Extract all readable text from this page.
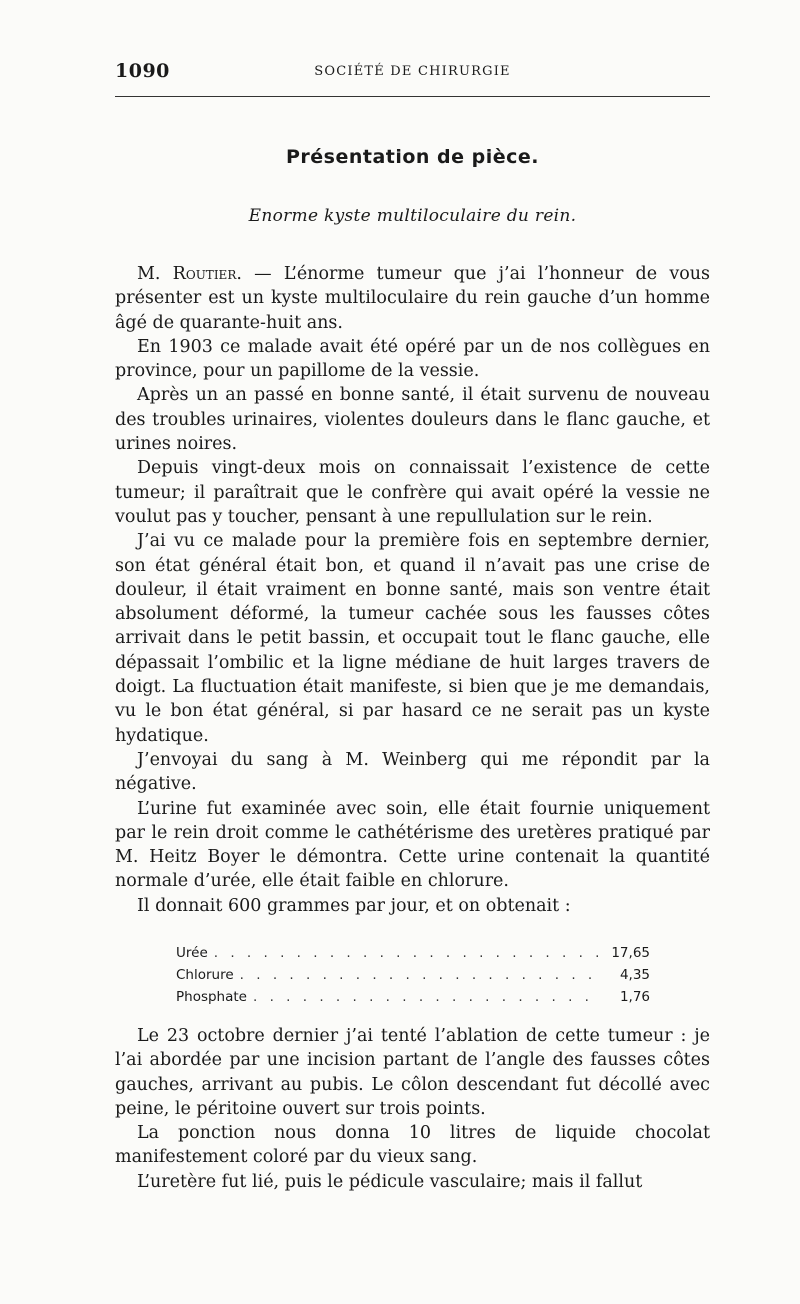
1090	SOCIÉTÉ DE CHIRURGIE
Présentation de pièce.
Enorme kyste multiloculaire du rein.

M. Routier. — L’énorme tumeur que j’ai l’honneur de vous présenter est un kyste multiloculaire du rein gauche d’un homme âgé de quarante-huit ans.

En 1903 ce malade avait été opéré par un de nos collègues en province, pour un papillome de la vessie.

Après un an passé en bonne santé, il était survenu de nouveau des troubles urinaires, violentes douleurs dans le flanc gauche, et urines noires.

Depuis vingt-deux mois on connaissait l’existence de cette tumeur; il paraîtrait que le confrère qui avait opéré la vessie ne voulut pas y toucher, pensant à une repullulation sur le rein.

J’ai vu ce malade pour la première fois en septembre dernier, son état général était bon, et quand il n’avait pas une crise de douleur, il était vraiment en bonne santé, mais son ventre était absolument déformé, la tumeur cachée sous les fausses côtes arrivait dans le petit bassin, et occupait tout le flanc gauche, elle dépassait l’ombilic et la ligne médiane de huit larges travers de doigt. La fluctuation était manifeste, si bien que je me demandais, vu le bon état général, si par hasard ce ne serait pas un kyste hydatique.

J’envoyai du sang à M. Weinberg qui me répondit par la négative.

L’urine fut examinée avec soin, elle était fournie uniquement par le rein droit comme le cathétérisme des uretères pratiqué par M. Heitz Boyer le démontra. Cette urine contenait la quantité normale d’urée, elle était faible en chlorure.

Il donnait 600 grammes par jour, et on obtenait :

Urée . . .	17,65
Chlorure . . .	4,35
Phosphate . . .	1,76

Le 23 octobre dernier j’ai tenté l’ablation de cette tumeur : je l’ai abordée par une incision partant de l’angle des fausses côtes gauches, arrivant au pubis. Le côlon descendant fut décollé avec peine, le péritoine ouvert sur trois points.

La ponction nous donna 10 litres de liquide chocolat manifestement coloré par du vieux sang.

L’uretère fut lié, puis le pédicule vasculaire; mais il fallut
